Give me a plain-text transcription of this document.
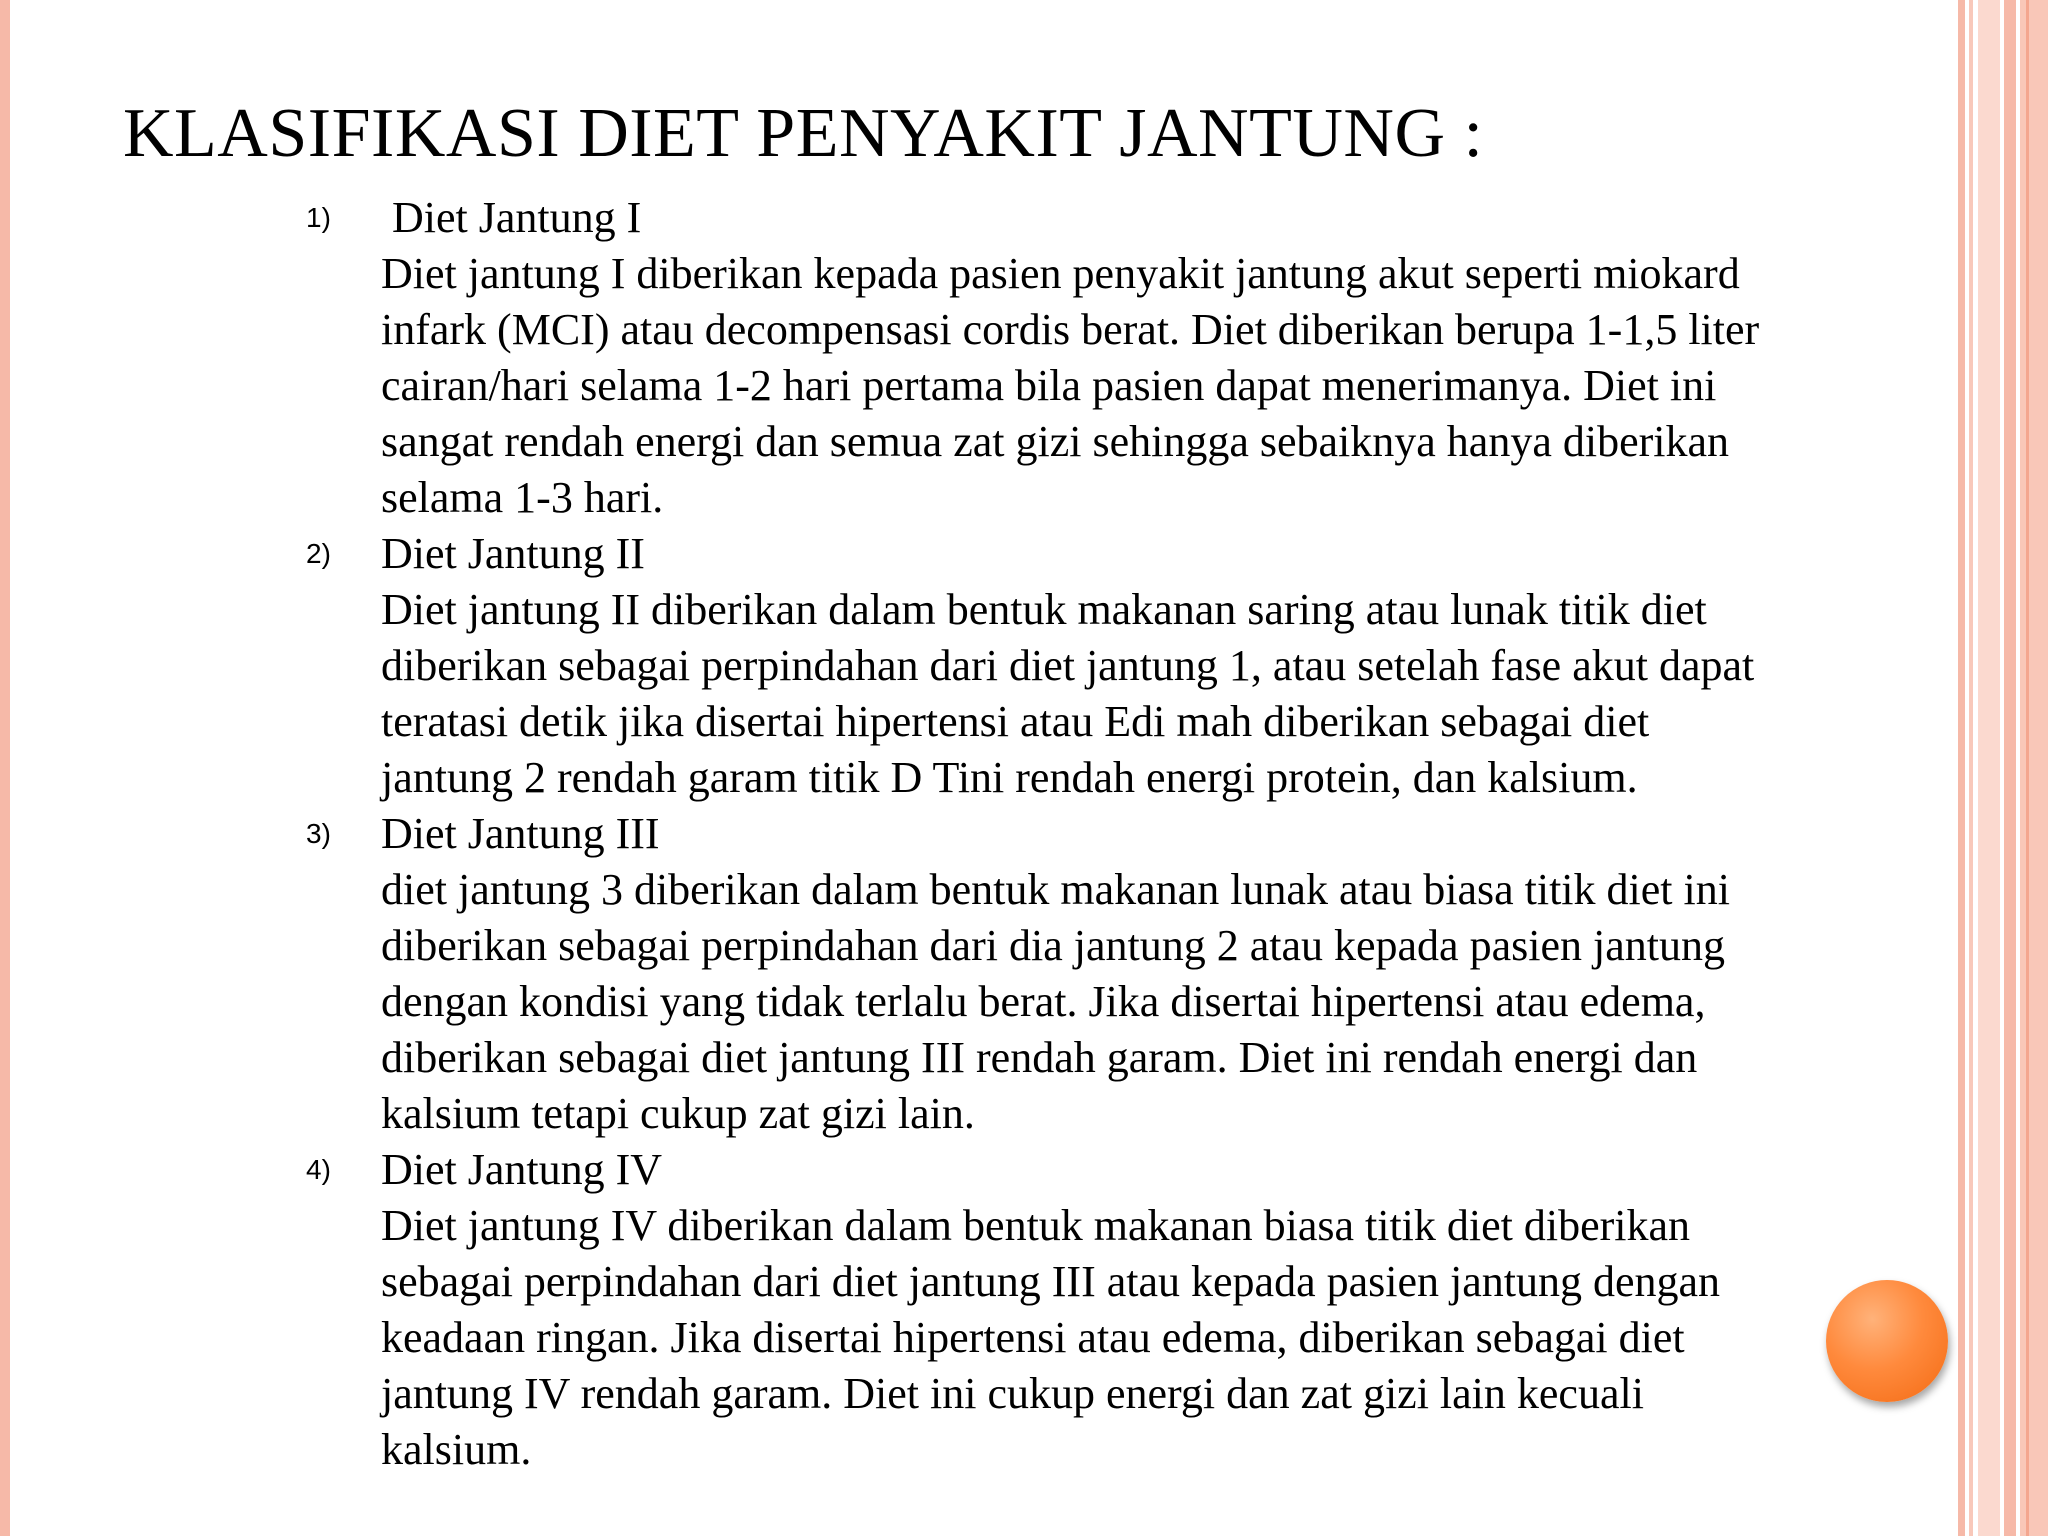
KLASIFIKASI DIET PENYAKIT JANTUNG :
1) Diet Jantung I
Diet jantung I diberikan kepada pasien penyakit jantung akut seperti miokard
infark (MCI) atau decompensasi cordis berat. Diet diberikan berupa 1-1,5 liter
cairan/hari selama 1-2 hari pertama bila pasien dapat menerimanya. Diet ini
sangat rendah energi dan semua zat gizi sehingga sebaiknya hanya diberikan
selama 1-3 hari.
2) Diet Jantung II
Diet jantung II diberikan dalam bentuk makanan saring atau lunak titik diet
diberikan sebagai perpindahan dari diet jantung 1, atau setelah fase akut dapat
teratasi detik jika disertai hipertensi atau Edi mah diberikan sebagai diet
jantung 2 rendah garam titik D Tini rendah energi protein, dan kalsium.
3) Diet Jantung III
diet jantung 3 diberikan dalam bentuk makanan lunak atau biasa titik diet ini
diberikan sebagai perpindahan dari dia jantung 2 atau kepada pasien jantung
dengan kondisi yang tidak terlalu berat. Jika disertai hipertensi atau edema,
diberikan sebagai diet jantung III rendah garam. Diet ini rendah energi dan
kalsium tetapi cukup zat gizi lain.
4) Diet Jantung IV
Diet jantung IV diberikan dalam bentuk makanan biasa titik diet diberikan
sebagai perpindahan dari diet jantung III atau kepada pasien jantung dengan
keadaan ringan. Jika disertai hipertensi atau edema, diberikan sebagai diet
jantung IV rendah garam. Diet ini cukup energi dan zat gizi lain kecuali
kalsium.
